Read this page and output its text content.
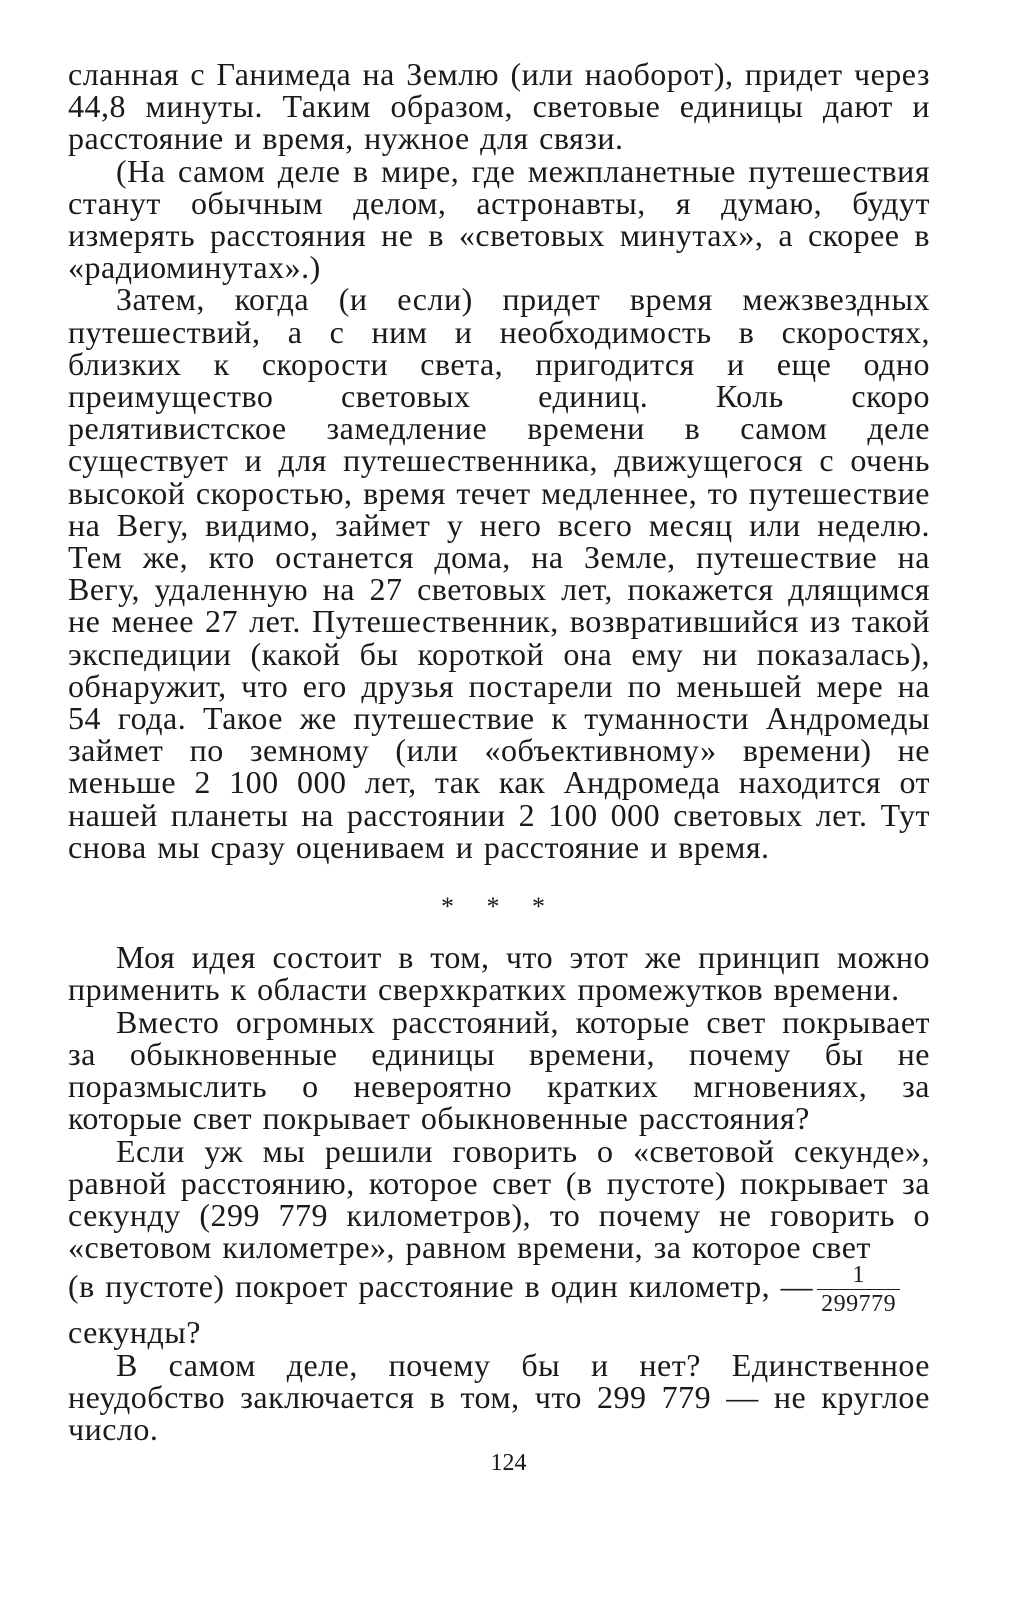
сланная с Ганимеда на Землю (или наоборот), придет через 44,8 минуты. Таким образом, световые единицы дают и расстояние и время, нужное для связи.

(На самом деле в мире, где межпланетные путешествия станут обычным делом, астронавты, я думаю, будут измерять расстояния не в «световых минутах», а скорее в «радиоминутах».)

Затем, когда (и если) придет время межзвездных путешествий, а с ним и необходимость в скоростях, близких к скорости света, пригодится и еще одно преимущество световых единиц. Коль скоро релятивистское замедление времени в самом деле существует и для путешественника, движущегося с очень высокой скоростью, время течет медленнее, то путешествие на Вегу, видимо, займет у него всего месяц или неделю. Тем же, кто останется дома, на Земле, путешествие на Вегу, удаленную на 27 световых лет, покажется длящимся не менее 27 лет. Путешественник, возвратившийся из такой экспедиции (какой бы короткой она ему ни показалась), обнаружит, что его друзья постарели по меньшей мере на 54 года. Такое же путешествие к туманности Андромеды займет по земному (или «объективному» времени) не меньше 2 100 000 лет, так как Андромеда находится от нашей планеты на расстоянии 2 100 000 световых лет. Тут снова мы сразу оцениваем и расстояние и время.

* * *

Моя идея состоит в том, что этот же принцип можно применить к области сверхкратких промежутков времени.

Вместо огромных расстояний, которые свет покрывает за обыкновенные единицы времени, почему бы не поразмыслить о невероятно кратких мгновениях, за которые свет покрывает обыкновенные расстояния?

Если уж мы решили говорить о «световой секунде», равной расстоянию, которое свет (в пустоте) покрывает за секунду (299 779 километров), то почему не говорить о «световом километре», равном времени, за которое свет

(в пустоте) покроет расстояние в один километр, — $\frac{1}{299779}$

секунды?

В самом деле, почему бы и нет? Единственное неудобство заключается в том, что 299 779 — не круглое число.

124
